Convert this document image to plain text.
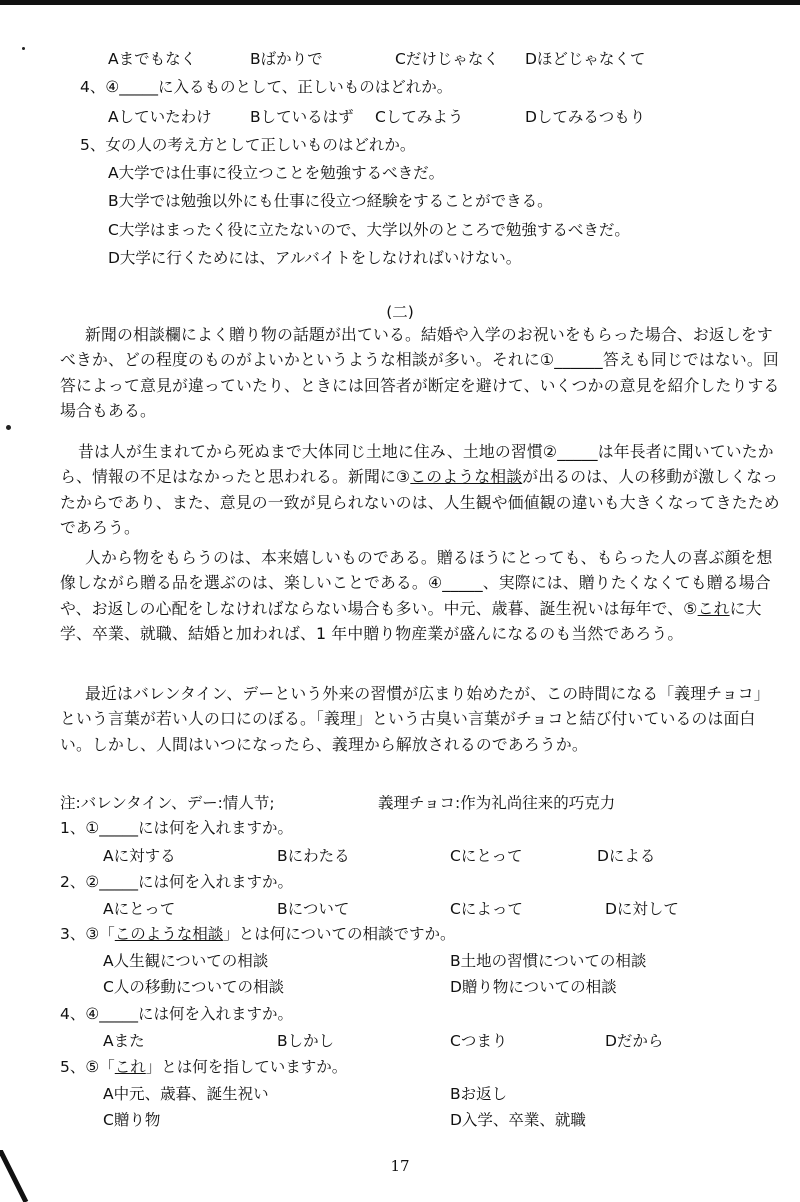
Aまでもなく	Bばかりで	Cだけじゃなく Dほどじゃなくて
4、④_____に入るものとして、正しいものはどれか。
Aしていたわけ Bしているはず Cしてみよう	Dしてみるつもり
5、女の人の考え方として正しいものはどれか。
A大学では仕事に役立つことを勉強するべきだ。
B大学では勉強以外にも仕事に役立つ経験をすることができる。
C大学はまったく役に立たないので、大学以外のところで勉強するべきだ。
D大学に行くためには、アルバイトをしなければいけない。
(二)
新聞の相談欄によく贈り物の話題が出ている。結婚や入学のお祝いをもらった場合、お返しをすべきか、どの程度のものがよいかというような相談が多い。それに①______答えも同じではない。回答によって意見が違っていたり、ときには回答者が断定を避けて、いくつかの意見を紹介したりする場合もある。
昔は人が生まれてから死ぬまで大体同じ土地に住み、土地の習慣②_____は年長者に聞いていたから、情報の不足はなかったと思われる。新聞に③このような相談が出るのは、人の移動が激しくなったからであり、また、意見の一致が見られないのは、人生観や価値観の違いも大きくなってきたためであろう。
人から物をもらうのは、本来嬉しいものである。贈るほうにとっても、もらった人の喜ぶ顔を想像しながら贈る品を選ぶのは、楽しいことである。④_____、実際には、贈りたくなくても贈る場合や、お返しの心配をしなければならない場合も多い。中元、歳暮、誕生祝いは毎年で、⑤これに大学、卒業、就職、結婚と加われば、1 年中贈り物産業が盛んになるのも当然であろう。
最近はバレンタイン、デーという外来の習慣が広まり始めたが、この時間になる「義理チョコ」という言葉が若い人の口にのぼる。「義理」という古臭い言葉がチョコと結び付いているのは面白い。しかし、人間はいつになったら、義理から解放されるのであろうか。
注:バレンタイン、デー:情人节;	義理チョコ:作为礼尚往来的巧克力
1、①_____には何を入れますか。
Aに対する	Bにわたる	Cにとって	Dによる
2、②_____には何を入れますか。
Aにとって	Bについて	Cによって	Dに対して
3、③「このような相談」とは何についての相談ですか。
A人生観についての相談	B土地の習慣についての相談
C人の移動についての相談	D贈り物についての相談
4、④_____には何を入れますか。
Aまた	Bしかし	Cつまり	Dだから
5、⑤「これ」とは何を指していますか。
A中元、歳暮、誕生祝い	Bお返し
C贈り物	D入学、卒業、就職
17
